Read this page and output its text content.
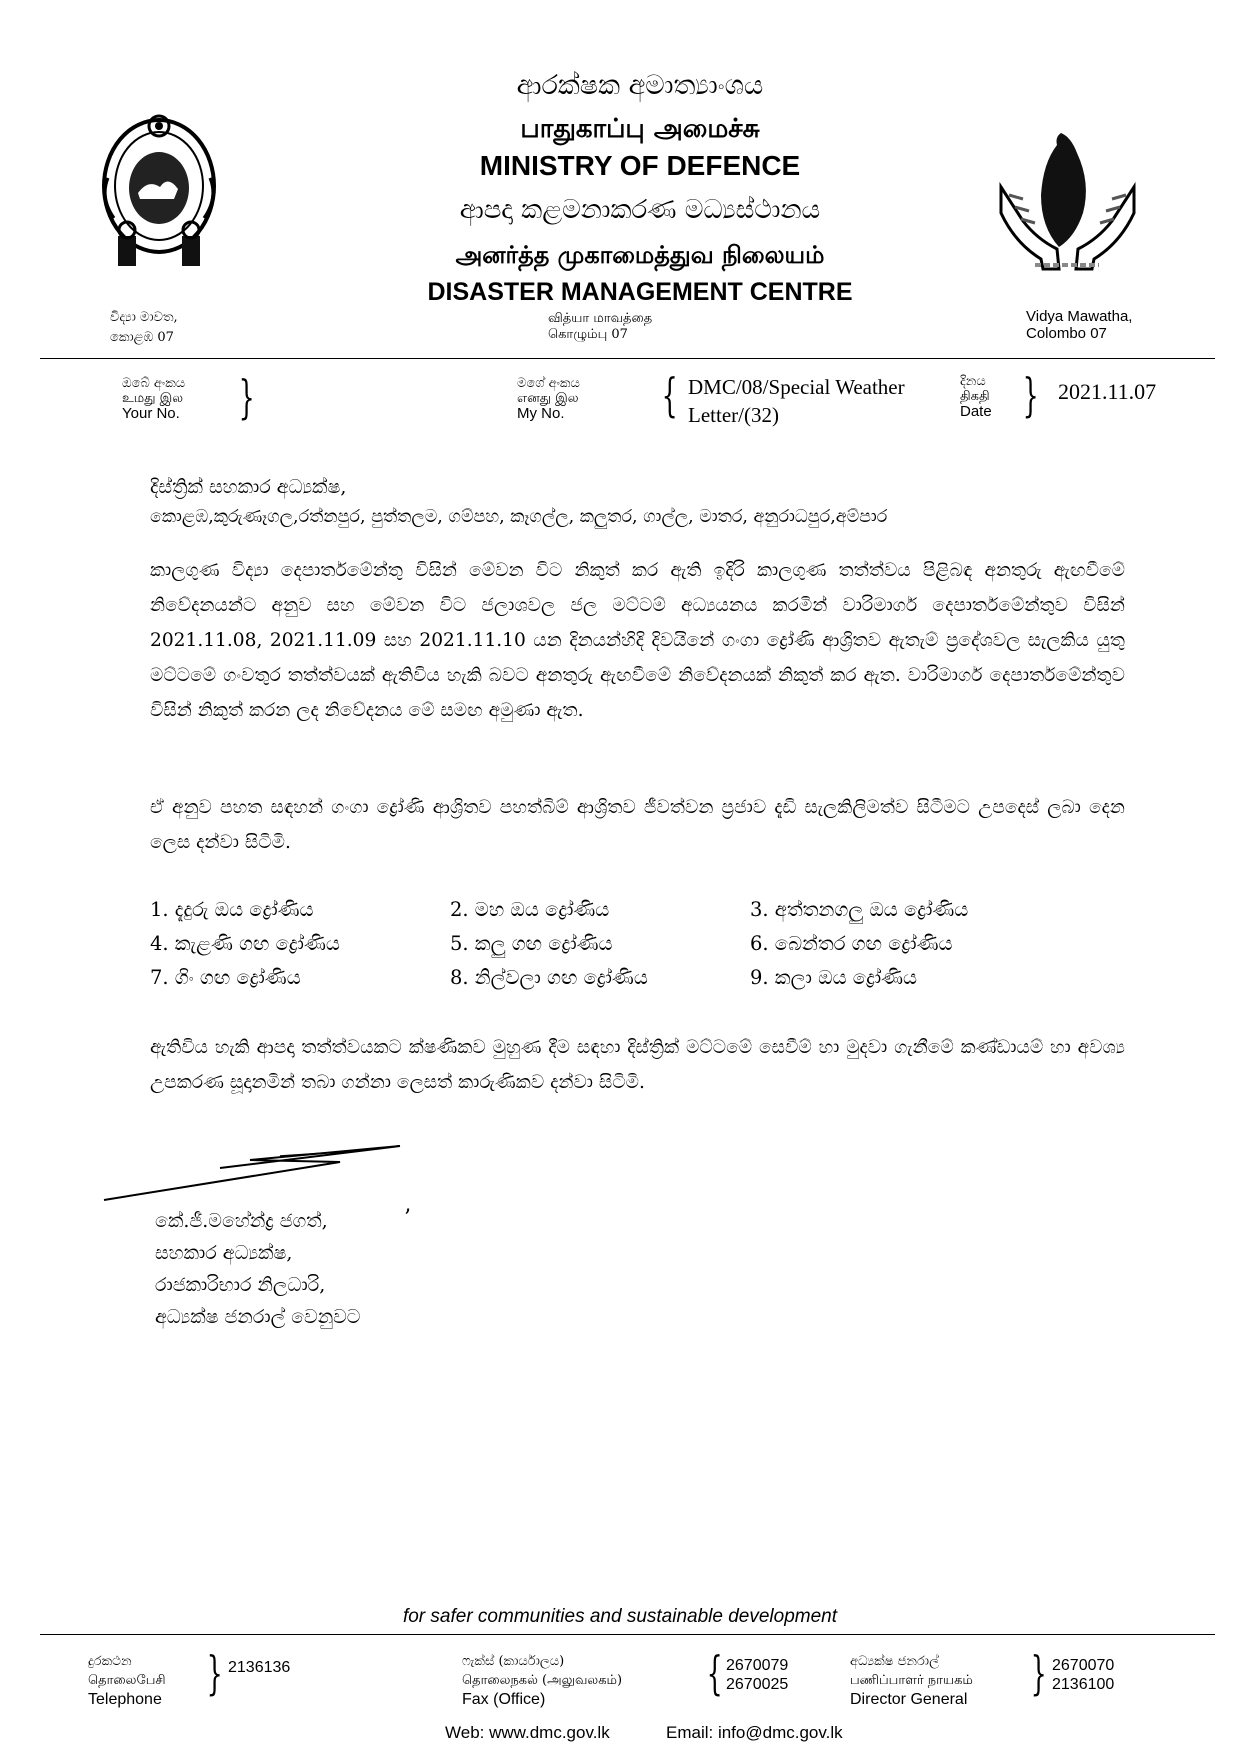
ආරක්ෂක අමාත්‍යාංශය
பாதுகாப்பு அமைச்சு
MINISTRY OF DEFENCE
ආපදා කළමනාකරණ මධ්‍යස්ථානය
அனர்த்த முகாமைத்துவ நிலையம்
DISASTER MANAGEMENT CENTRE
විද්‍යා මාවත,
කොළඹ 07
வித்யா மாவத்தை
கொழும்பு 07
Vidya Mawatha,
Colombo 07
ඔබේ අංකය
உமது இல
Your No. }	මගේ අංකය
எனது இல
My No.	{ DMC/08/Special Weather
Letter/(32)
දිනය
திகதி
Date } 2021.11.07
දිස්ත්‍රික් සහකාර අධ්‍යක්ෂ,
කොළඹ,කුරුණෑගල,රත්නපුර, පුත්තලම, ගම්පහ, කෑගල්ල, කලුතර, ගාල්ල, මාතර, අනුරාධපුර,අම්පාර
කාලගුණ විද්‍යා දෙපාර්තමේන්තු විසින් මේවන විට නිකුත් කර ඇති ඉදිරි කාලගුණ තත්ත්වය පිළිබඳ අනතුරු ඇඟවීමේ නිවේදනයන්ට අනුව සහ මේවන විට ජලාශවල ජල මට්ටම් අධ්‍යයනය කරමින් වාරිමාර්ග දෙපාර්තමේන්තුව විසින් 2021.11.08, 2021.11.09 සහ 2021.11.10 යන දිනයන්හිදි දිවයිනේ ගංගා ද්‍රෝණි ආශ්‍රිතව ඇතැම් ප්‍රදේශවල සැලකිය යුතු මට්ටමේ ගංවතුර තත්ත්වයක් ඇතිවිය හැකි බවට අනතුරු ඇඟවීමේ නිවේදනයක් නිකුත් කර ඇත. වාරිමාර්ග දෙපාර්තමේන්තුව විසින් නිකුත් කරන ලද නිවේදනය මේ සමඟ අමුණා ඇත.
ඒ අනුව පහත සඳහන් ගංගා ද්‍රෝණි ආශ්‍රිතව පහත්බිම් ආශ්‍රිතව ජීවත්වන ප්‍රජාව දැඩි සැලකිලිමත්ව සිටීමට උපදෙස් ලබා දෙන ලෙස දන්වා සිටිමි.
1. දැදුරු ඔය ද්‍රෝණිය	2. මහ ඔය ද්‍රෝණිය	3. අත්තනගලු ඔය ද්‍රෝණිය
4. කැළණි ගඟ ද්‍රෝණිය	5. කලු ගඟ ද්‍රෝණිය	6. බෙන්තර ගඟ ද්‍රෝණිය
7. ගිං ගඟ ද්‍රෝණිය	8. නිල්වලා ගඟ ද්‍රෝණිය	9. කලා ඔය ද්‍රෝණිය
ඇතිවිය හැකි ආපදා තත්ත්වයකට ක්ෂණිකව මුහුණ දීම සඳහා දිස්ත්‍රික් මට්ටමේ සෙවීම් හා මුදවා ගැනීමේ කණ්ඩායම් හා අවශ්‍ය උපකරණ සූදානමින් තබා ගන්නා ලෙසත් කාරුණිකව දන්වා සිටිමි.
’
කේ.ජී.මහේන්ද්‍ර ජගත්,
සහකාර අධ්‍යක්ෂ,
රාජකාරිභාර නිලධාරි,
අධ්‍යක්ෂ ජනරාල් වෙනුවට
for safer communities and sustainable development
දුරකථන
தொலைபேசி
Telephone } 2136136	ෆැක්ස් (කාර්යාලය)
தொலைநகல் (அலுவலகம்)
Fax (Office)	{ 2670079
2670025
අධ්‍යක්ෂ ජනරාල්
பணிப்பாளர் நாயகம்
Director General } 2670070
2136100
Web: www.dmc.gov.lk	Email: info@dmc.gov.lk
